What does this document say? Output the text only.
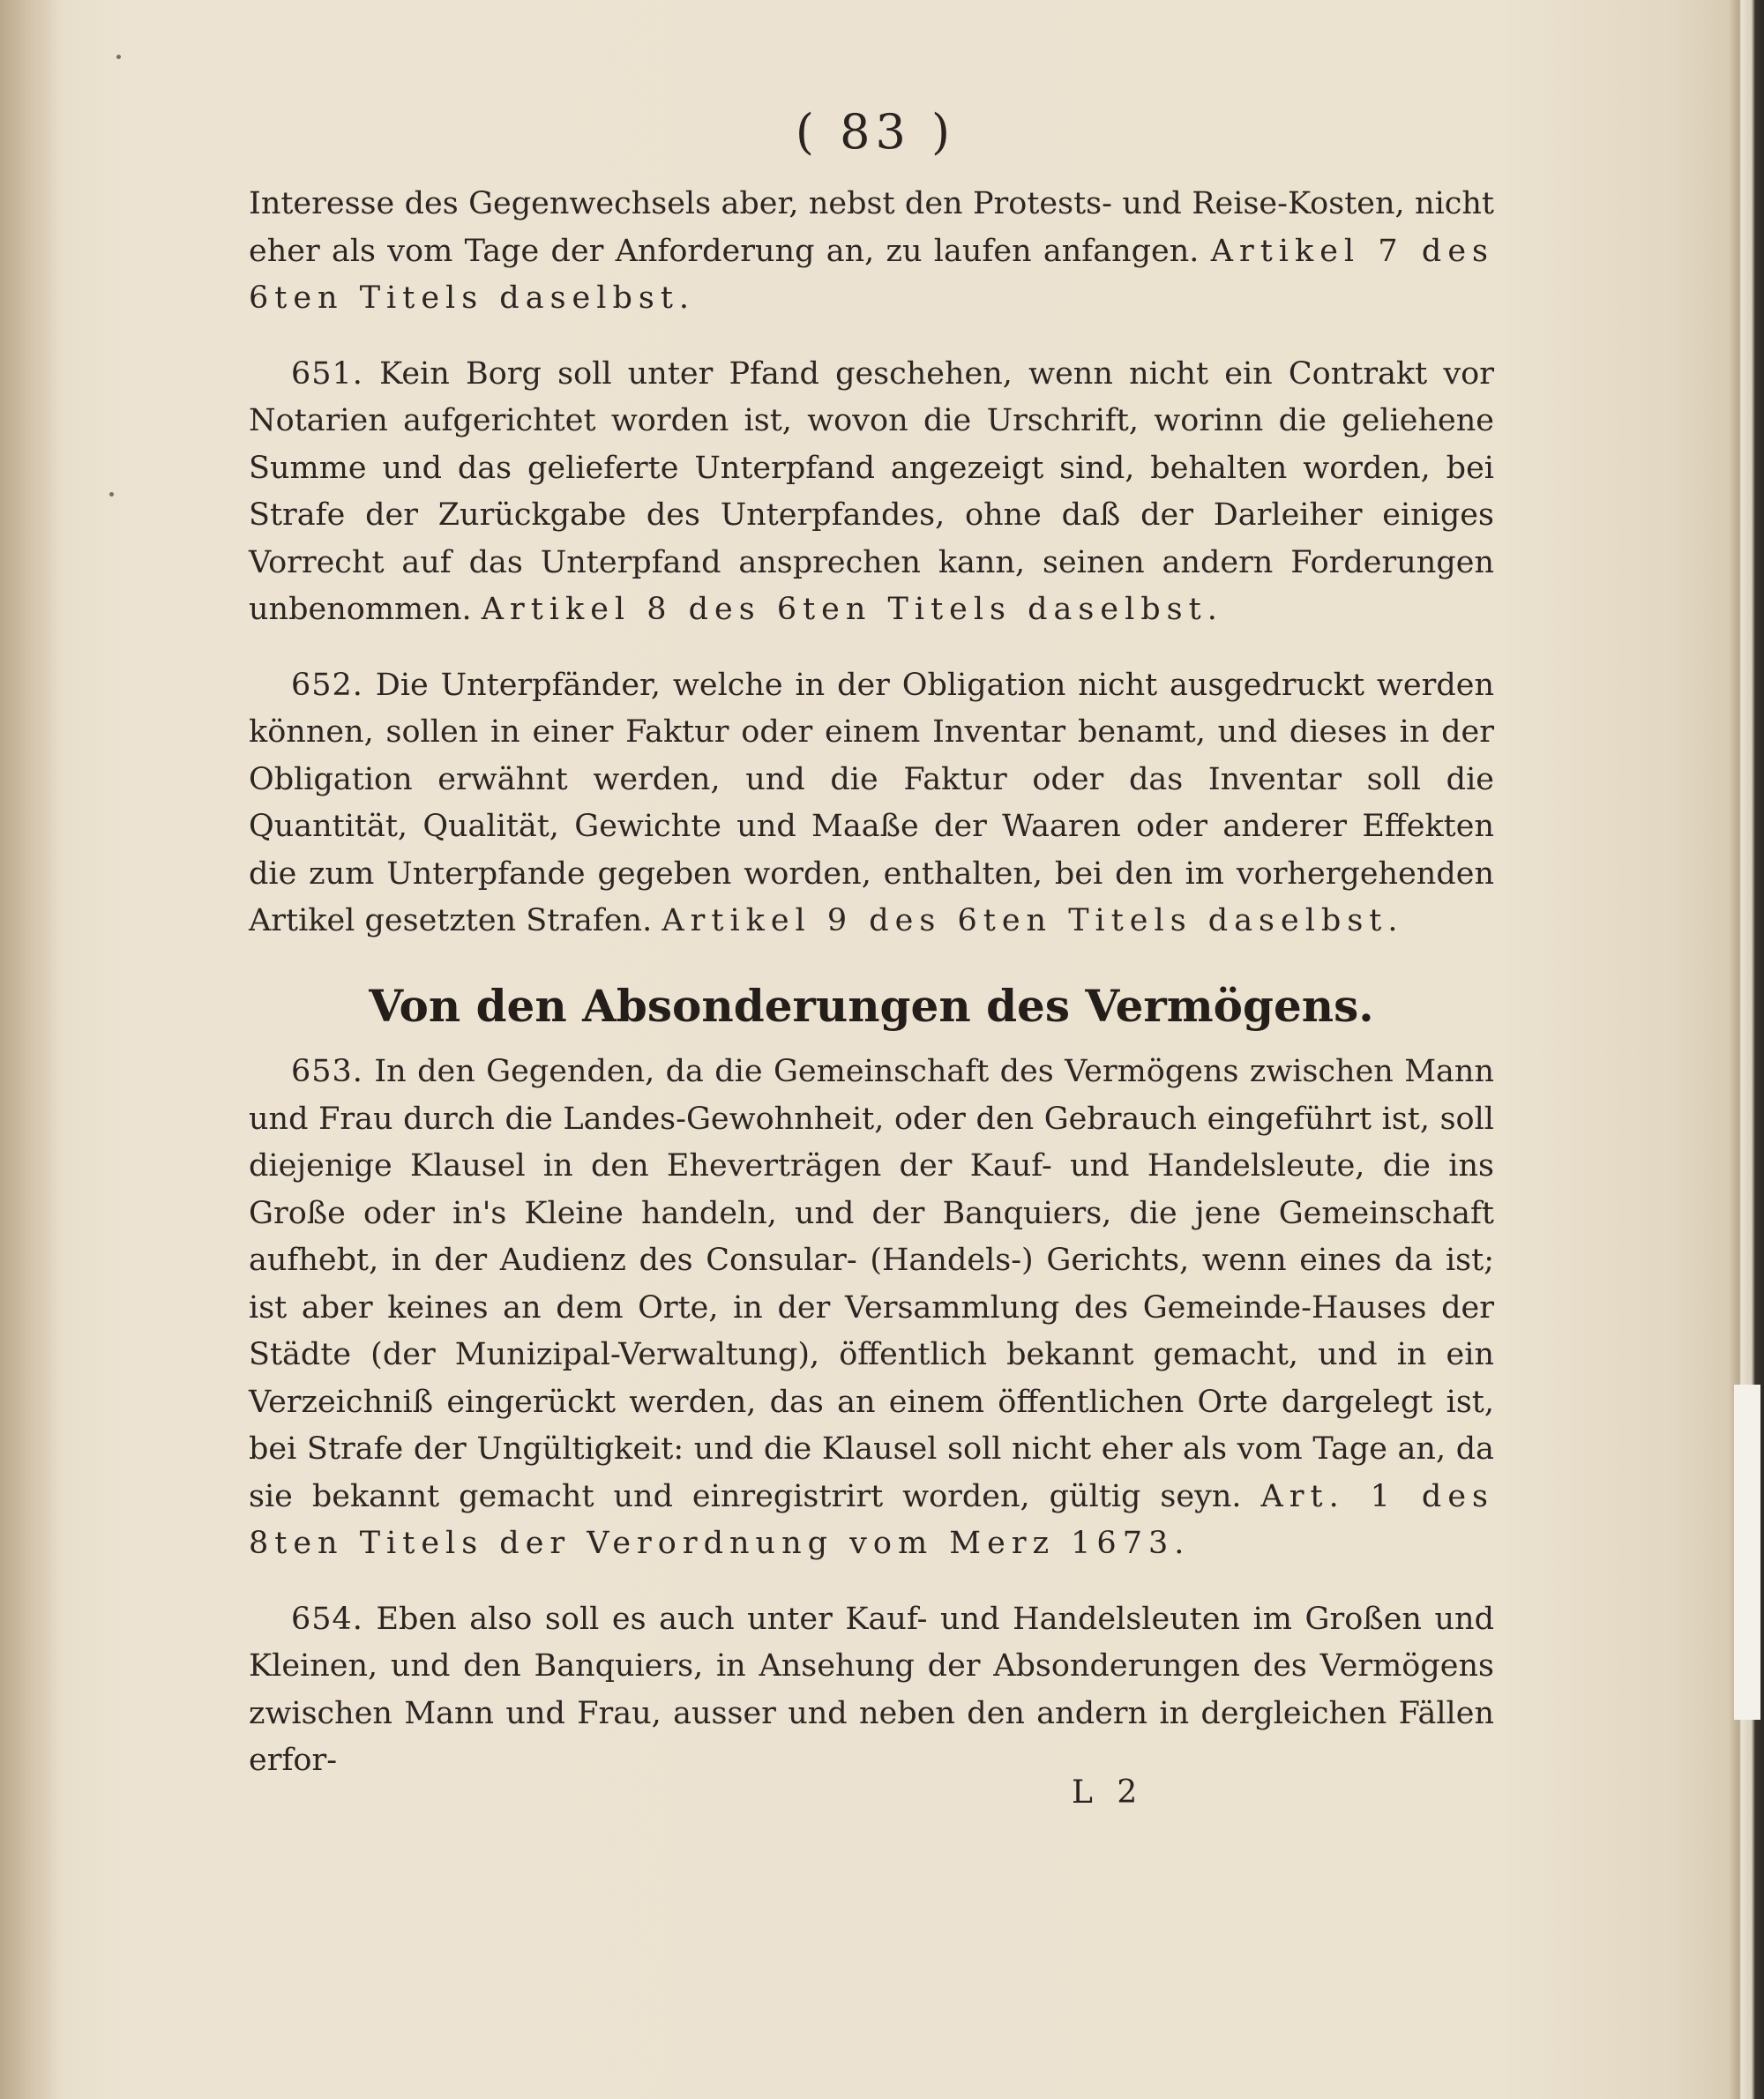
( 83 )

Interesse des Gegenwechsels aber, nebst den Protests- und Reise-Kosten, nicht eher als vom Tage der Anforderung an, zu laufen anfangen. Artikel 7 des 6ten Titels daselbst.

651. Kein Borg soll unter Pfand geschehen, wenn nicht ein Contrakt vor Notarien aufgerichtet worden ist, wovon die Urschrift, worinn die geliehene Summe und das gelieferte Unterpfand angezeigt sind, behalten worden, bei Strafe der Zurückgabe des Unterpfandes, ohne daß der Darleiher einiges Vorrecht auf das Unterpfand ansprechen kann, seinen andern Forderungen unbenommen. Artikel 8 des 6ten Titels daselbst.

652. Die Unterpfänder, welche in der Obligation nicht ausgedruckt werden können, sollen in einer Faktur oder einem Inventar benamt, und dieses in der Obligation erwähnt werden, und die Faktur oder das Inventar soll die Quantität, Qualität, Gewichte und Maaße der Waaren oder anderer Effekten die zum Unterpfande gegeben worden, enthalten, bei den im vorhergehenden Artikel gesetzten Strafen. Artikel 9 des 6ten Titels daselbst.

Von den Absonderungen des Vermögens.

653. In den Gegenden, da die Gemeinschaft des Vermögens zwischen Mann und Frau durch die Landes-Gewohnheit, oder den Gebrauch eingeführt ist, soll diejenige Klausel in den Eheverträgen der Kauf- und Handelsleute, die ins Große oder in's Kleine handeln, und der Banquiers, die jene Gemeinschaft aufhebt, in der Audienz des Consular- (Handels-) Gerichts, wenn eines da ist; ist aber keines an dem Orte, in der Versammlung des Gemeinde-Hauses der Städte (der Munizipal-Verwaltung), öffentlich bekannt gemacht, und in ein Verzeichniß eingerückt werden, das an einem öffentlichen Orte dargelegt ist, bei Strafe der Ungültigkeit: und die Klausel soll nicht eher als vom Tage an, da sie bekannt gemacht und einregistrirt worden, gültig seyn. Art. 1 des 8ten Titels der Verordnung vom Merz 1673.

654. Eben also soll es auch unter Kauf- und Handelsleuten im Großen und Kleinen, und den Banquiers, in Ansehung der Absonderungen des Vermögens zwischen Mann und Frau, ausser und neben den andern in dergleichen Fällen erfor-

L 2
